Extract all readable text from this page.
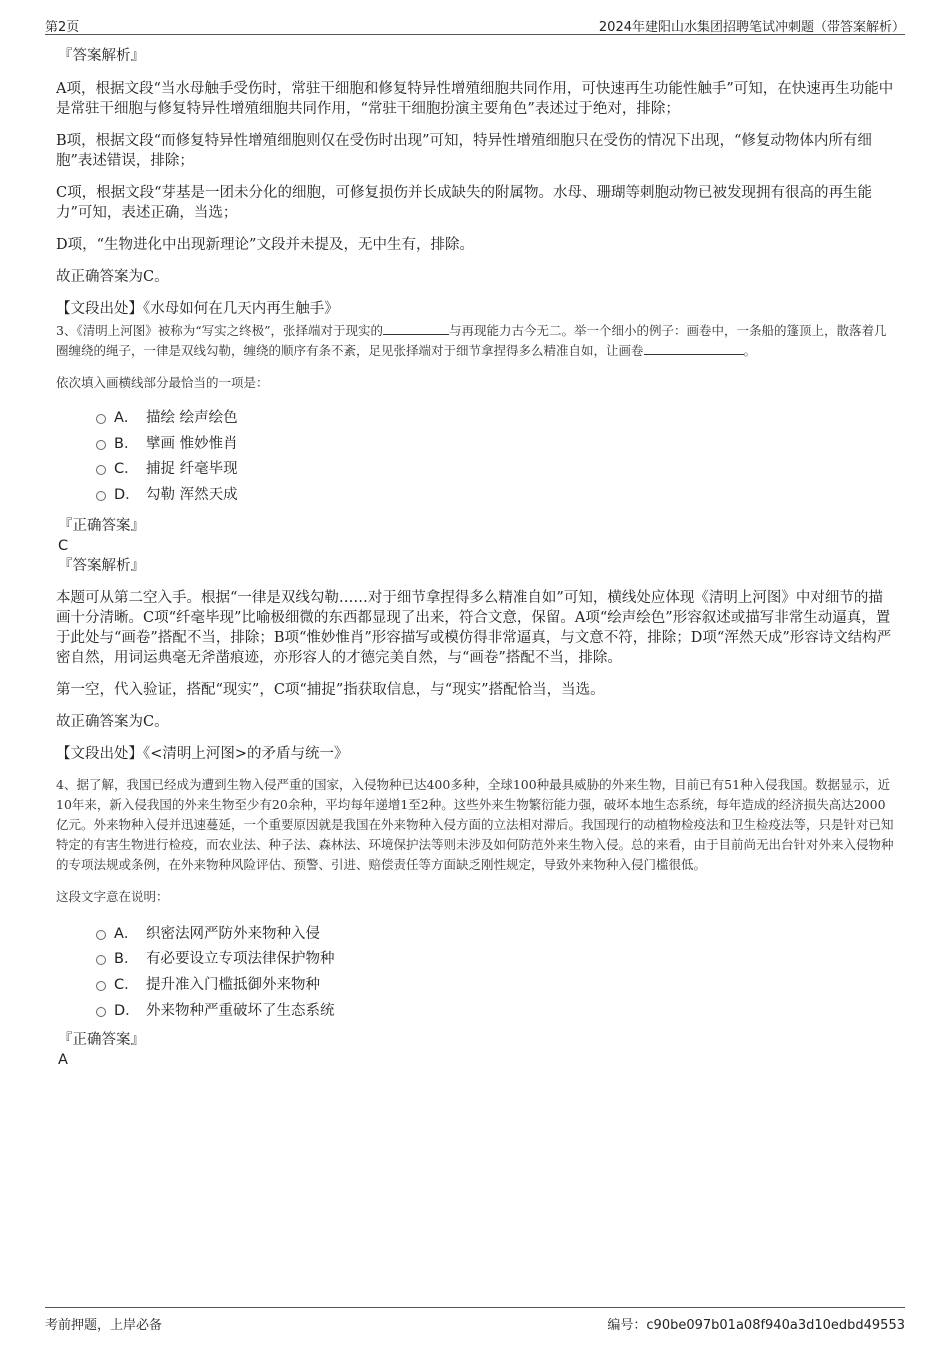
第2页	2024年建阳山水集团招聘笔试冲刺题（带答案解析）

『答案解析』

A项，根据文段“当水母触手受伤时，常驻干细胞和修复特异性增殖细胞共同作用，可快速再生功能性触手”可知，在快速再生功能中是常驻干细胞与修复特异性增殖细胞共同作用，“常驻干细胞扮演主要角色”表述过于绝对，排除；

B项，根据文段“而修复特异性增殖细胞则仅在受伤时出现”可知，特异性增殖细胞只在受伤的情况下出现，“修复动物体内所有细胞”表述错误，排除；

C项，根据文段“芽基是一团未分化的细胞，可修复损伤并长成缺失的附属物。水母、珊瑚等刺胞动物已被发现拥有很高的再生能力”可知，表述正确，当选；

D项，“生物进化中出现新理论”文段并未提及，无中生有，排除。

故正确答案为C。

【文段出处】《水母如何在几天内再生触手》

3、《清明上河图》被称为“写实之终极”，张择端对于现实的	与再现能力古今无二。举一个细小的例子：画卷中，一条船的篷顶上，散落着几圈缠绕的绳子，一律是双线勾勒，缠绕的顺序有条不紊，足见张择端对于细节拿捏得多么精准自如，让画卷	。

依次填入画横线部分最恰当的一项是：

A． 描绘 绘声绘色
B． 擘画 惟妙惟肖
C． 捕捉 纤毫毕现
D． 勾勒 浑然天成

『正确答案』

C

『答案解析』

本题可从第二空入手。根据“一律是双线勾勒……对于细节拿捏得多么精准自如”可知，横线处应体现《清明上河图》中对细节的描画十分清晰。C项“纤毫毕现”比喻极细微的东西都显现了出来，符合文意，保留。A项“绘声绘色”形容叙述或描写非常生动逼真，置于此处与“画卷”搭配不当，排除；B项“惟妙惟肖”形容描写或模仿得非常逼真，与文意不符，排除；D项“浑然天成”形容诗文结构严密自然，用词运典毫无斧凿痕迹，亦形容人的才德完美自然，与“画卷”搭配不当，排除。

第一空，代入验证，搭配“现实”，C项“捕捉”指获取信息，与“现实”搭配恰当，当选。

故正确答案为C。

【文段出处】《<清明上河图>的矛盾与统一》

4、据了解，我国已经成为遭到生物入侵严重的国家，入侵物种已达400多种，全球100种最具威胁的外来生物，目前已有51种入侵我国。数据显示，近10年来，新入侵我国的外来生物至少有20余种，平均每年递增1至2种。这些外来生物繁衍能力强，破坏本地生态系统，每年造成的经济损失高达2000亿元。外来物种入侵并迅速蔓延，一个重要原因就是我国在外来物种入侵方面的立法相对滞后。我国现行的动植物检疫法和卫生检疫法等，只是针对已知特定的有害生物进行检疫，而农业法、种子法、森林法、环境保护法等则未涉及如何防范外来生物入侵。总的来看，由于目前尚无出台针对外来入侵物种的专项法规或条例，在外来物种风险评估、预警、引进、赔偿责任等方面缺乏刚性规定，导致外来物种入侵门槛很低。

这段文字意在说明：

A． 织密法网严防外来物种入侵
B． 有必要设立专项法律保护物种
C． 提升准入门槛抵御外来物种
D． 外来物种严重破坏了生态系统

『正确答案』

A

考前押题，上岸必备	编号：c90be097b01a08f940a3d10edbd49553
